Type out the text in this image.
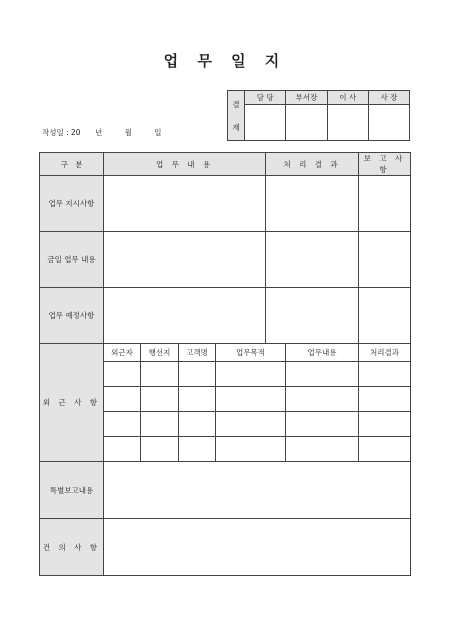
업 무 일 지
작성일 : 20 년	월	일
결
재	담 당	부서장	이 사	사 장

구   분	업 무 내 용				처 리 결 과		보 고 사 항
업무 지시사항							
금일 업무 내용							
업무 예정사항							
외 근 사 항	외근자	행선지	고객명	업무목적		업무내용	처리결과

특별보고내용							
건 의 사 항							
